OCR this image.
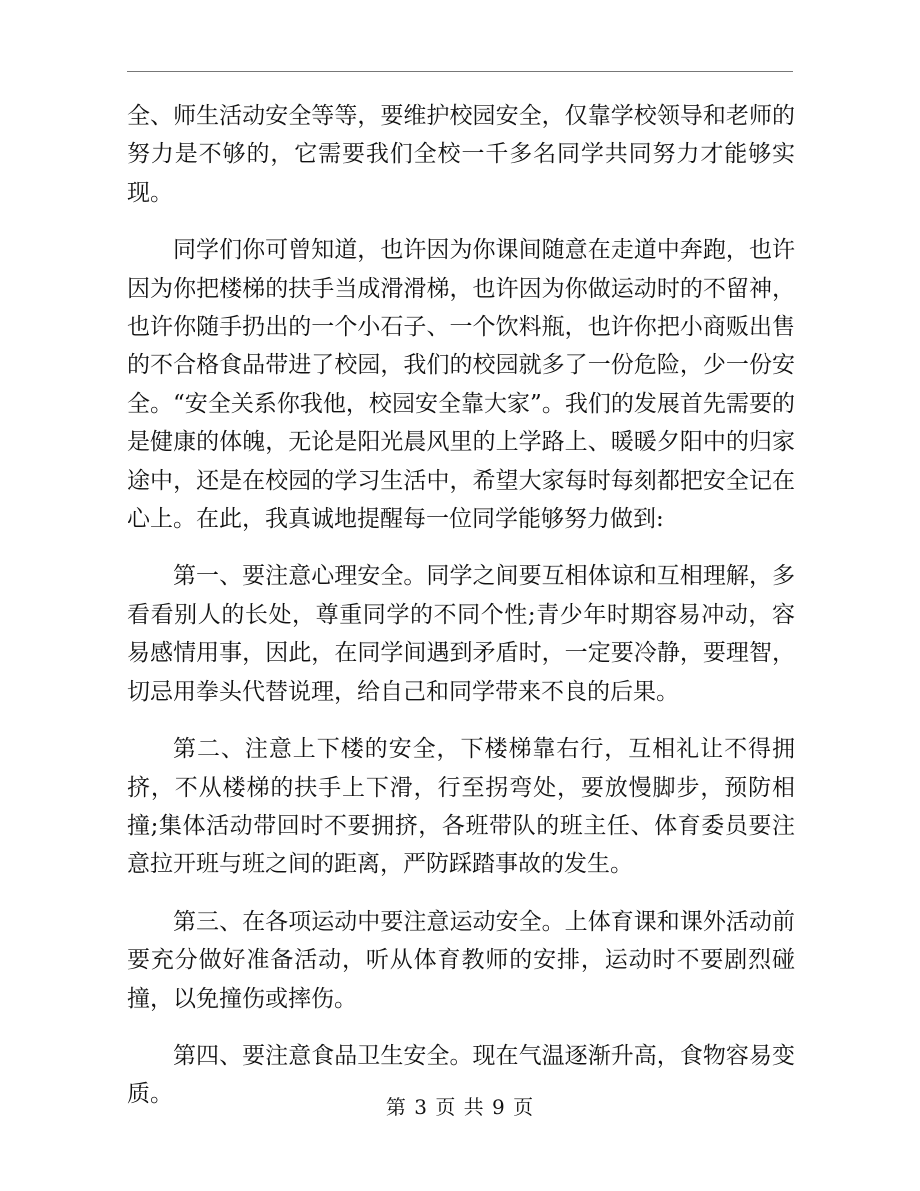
全、师生活动安全等等，要维护校园安全，仅靠学校领导和老师的努力是不够的，它需要我们全校一千多名同学共同努力才能够实现。

同学们你可曾知道，也许因为你课间随意在走道中奔跑，也许因为你把楼梯的扶手当成滑滑梯，也许因为你做运动时的不留神，也许你随手扔出的一个小石子、一个饮料瓶，也许你把小商贩出售的不合格食品带进了校园，我们的校园就多了一份危险，少一份安全。“安全关系你我他，校园安全靠大家”。我们的发展首先需要的是健康的体魄，无论是阳光晨风里的上学路上、暖暖夕阳中的归家途中，还是在校园的学习生活中，希望大家每时每刻都把安全记在心上。在此，我真诚地提醒每一位同学能够努力做到:

第一、要注意心理安全。同学之间要互相体谅和互相理解，多看看别人的长处，尊重同学的不同个性;青少年时期容易冲动，容易感情用事，因此，在同学间遇到矛盾时，一定要冷静，要理智，切忌用拳头代替说理，给自己和同学带来不良的后果。

第二、注意上下楼的安全，下楼梯靠右行，互相礼让不得拥挤，不从楼梯的扶手上下滑，行至拐弯处，要放慢脚步，预防相撞;集体活动带回时不要拥挤，各班带队的班主任、体育委员要注意拉开班与班之间的距离，严防踩踏事故的发生。

第三、在各项运动中要注意运动安全。上体育课和课外活动前要充分做好准备活动，听从体育教师的安排，运动时不要剧烈碰撞，以免撞伤或摔伤。

第四、要注意食品卫生安全。现在气温逐渐升高，食物容易变质。	第 3 页 共 9 页
